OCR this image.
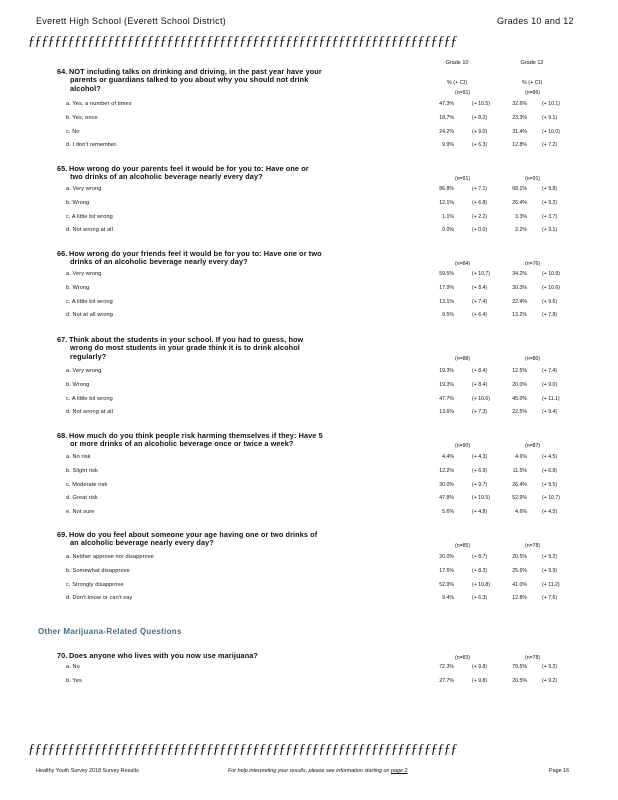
Everett High School (Everett School District)	Grades 10 and 12
ƒƒƒƒƒƒƒƒƒƒƒƒƒƒƒƒƒƒƒƒƒƒƒƒƒƒƒƒƒƒƒƒƒƒƒƒƒƒƒƒƒƒƒƒƒƒƒƒƒƒƒƒƒƒƒƒƒƒƒƒƒƒƒƒƒ
Grade 10	Grade 12
% (+ CI)	% (+ CI)
64. NOT including talks on drinking and driving, in the past year have your
parents or guardians talked to you about why you should not drink
alcohol?
(n=91)	(n=86)
a. Yes, a number of times	47.3%	(+ 10.5)	32.6%	(+ 10.1)
b. Yes, once	18.7%	(+ 8.2)	23.3%	(+ 9.1)
c. No	24.2%	(+ 9.0)	31.4%	(+ 10.0)
d. I don't remember.	9.9%	(+ 6.3)	12.8%	(+ 7.2)
65. How wrong do your parents feel it would be for you to: Have one or
two drinks of an alcoholic beverage nearly every day?	(n=91)	(n=91)
a. Very wrong	86.8%	(+ 7.1)	68.1%	(+ 9.8)
b. Wrong	12.1%	(+ 6.8)	26.4%	(+ 9.2)
c. A little bit wrong	1.1%	(+ 2.2)	3.3%	(+ 3.7)
d. Not wrong at all	0.0%	(+ 0.0)	2.2%	(+ 3.1)
66. How wrong do your friends feel it would be for you to: Have one or two
drinks of an alcoholic beverage nearly every day?	(n=84)	(n=76)
a. Very wrong	59.5%	(+ 10.7)	34.2%	(+ 10.9)
b. Wrong	17.9%	(+ 8.4)	30.3%	(+ 10.6)
c. A little bit wrong	13.1%	(+ 7.4)	22.4%	(+ 9.6)
d. Not at all wrong	9.5%	(+ 6.4)	13.2%	(+ 7.8)
67. Think about the students in your school. If you had to guess, how
wrong do most students in your grade think it is to drink alcohol
regularly?	(n=88)	(n=80)
a. Very wrong	19.3%	(+ 8.4)	12.5%	(+ 7.4)
b. Wrong	19.3%	(+ 8.4)	20.0%	(+ 9.0)
c. A little bit wrong	47.7%	(+ 10.6)	45.0%	(+ 11.1)
d. Not wrong at all	13.6%	(+ 7.3)	22.5%	(+ 9.4)
68. How much do you think people risk harming themselves if they: Have 5
or more drinks of an alcoholic beverage once or twice a week?	(n=90)	(n=87)
a. No risk	4.4%	(+ 4.3)	4.6%	(+ 4.5)
b. Slight risk	12.2%	(+ 6.9)	11.5%	(+ 6.8)
c. Moderate risk	30.0%	(+ 9.7)	26.4%	(+ 9.5)
d. Great risk	47.8%	(+ 10.5)	52.9%	(+ 10.7)
e. Not sure	5.6%	(+ 4.8)	4.6%	(+ 4.5)
69. How do you feel about someone your age having one or two drinks of
an alcoholic beverage nearly every day?	(n=85)	(n=78)
a. Neither approve nor disapprove	20.0%	(+ 8.7)	20.5%	(+ 9.2)
b. Somewhat disapprove	17.6%	(+ 8.3)	25.6%	(+ 9.9)
c. Strongly disapprove	52.9%	(+ 10.8)	41.0%	(+ 11.2)
d. Don't know or can't say	9.4%	(+ 6.3)	12.8%	(+ 7.6)
70. Does anyone who lives with you now use marijuana?	(n=83)	(n=78)
a. No	72.3%	(+ 9.8)	79.5%	(+ 9.2)
b. Yes	27.7%	(+ 9.8)	20.5%	(+ 9.2)
Other Marijuana-Related Questions
ƒƒƒƒƒƒƒƒƒƒƒƒƒƒƒƒƒƒƒƒƒƒƒƒƒƒƒƒƒƒƒƒƒƒƒƒƒƒƒƒƒƒƒƒƒƒƒƒƒƒƒƒƒƒƒƒƒƒƒƒƒƒƒƒƒ
Healthy Youth Survey 2018 Survey Results	For help interpreting your results, please see information starting on page 2	Page 16
